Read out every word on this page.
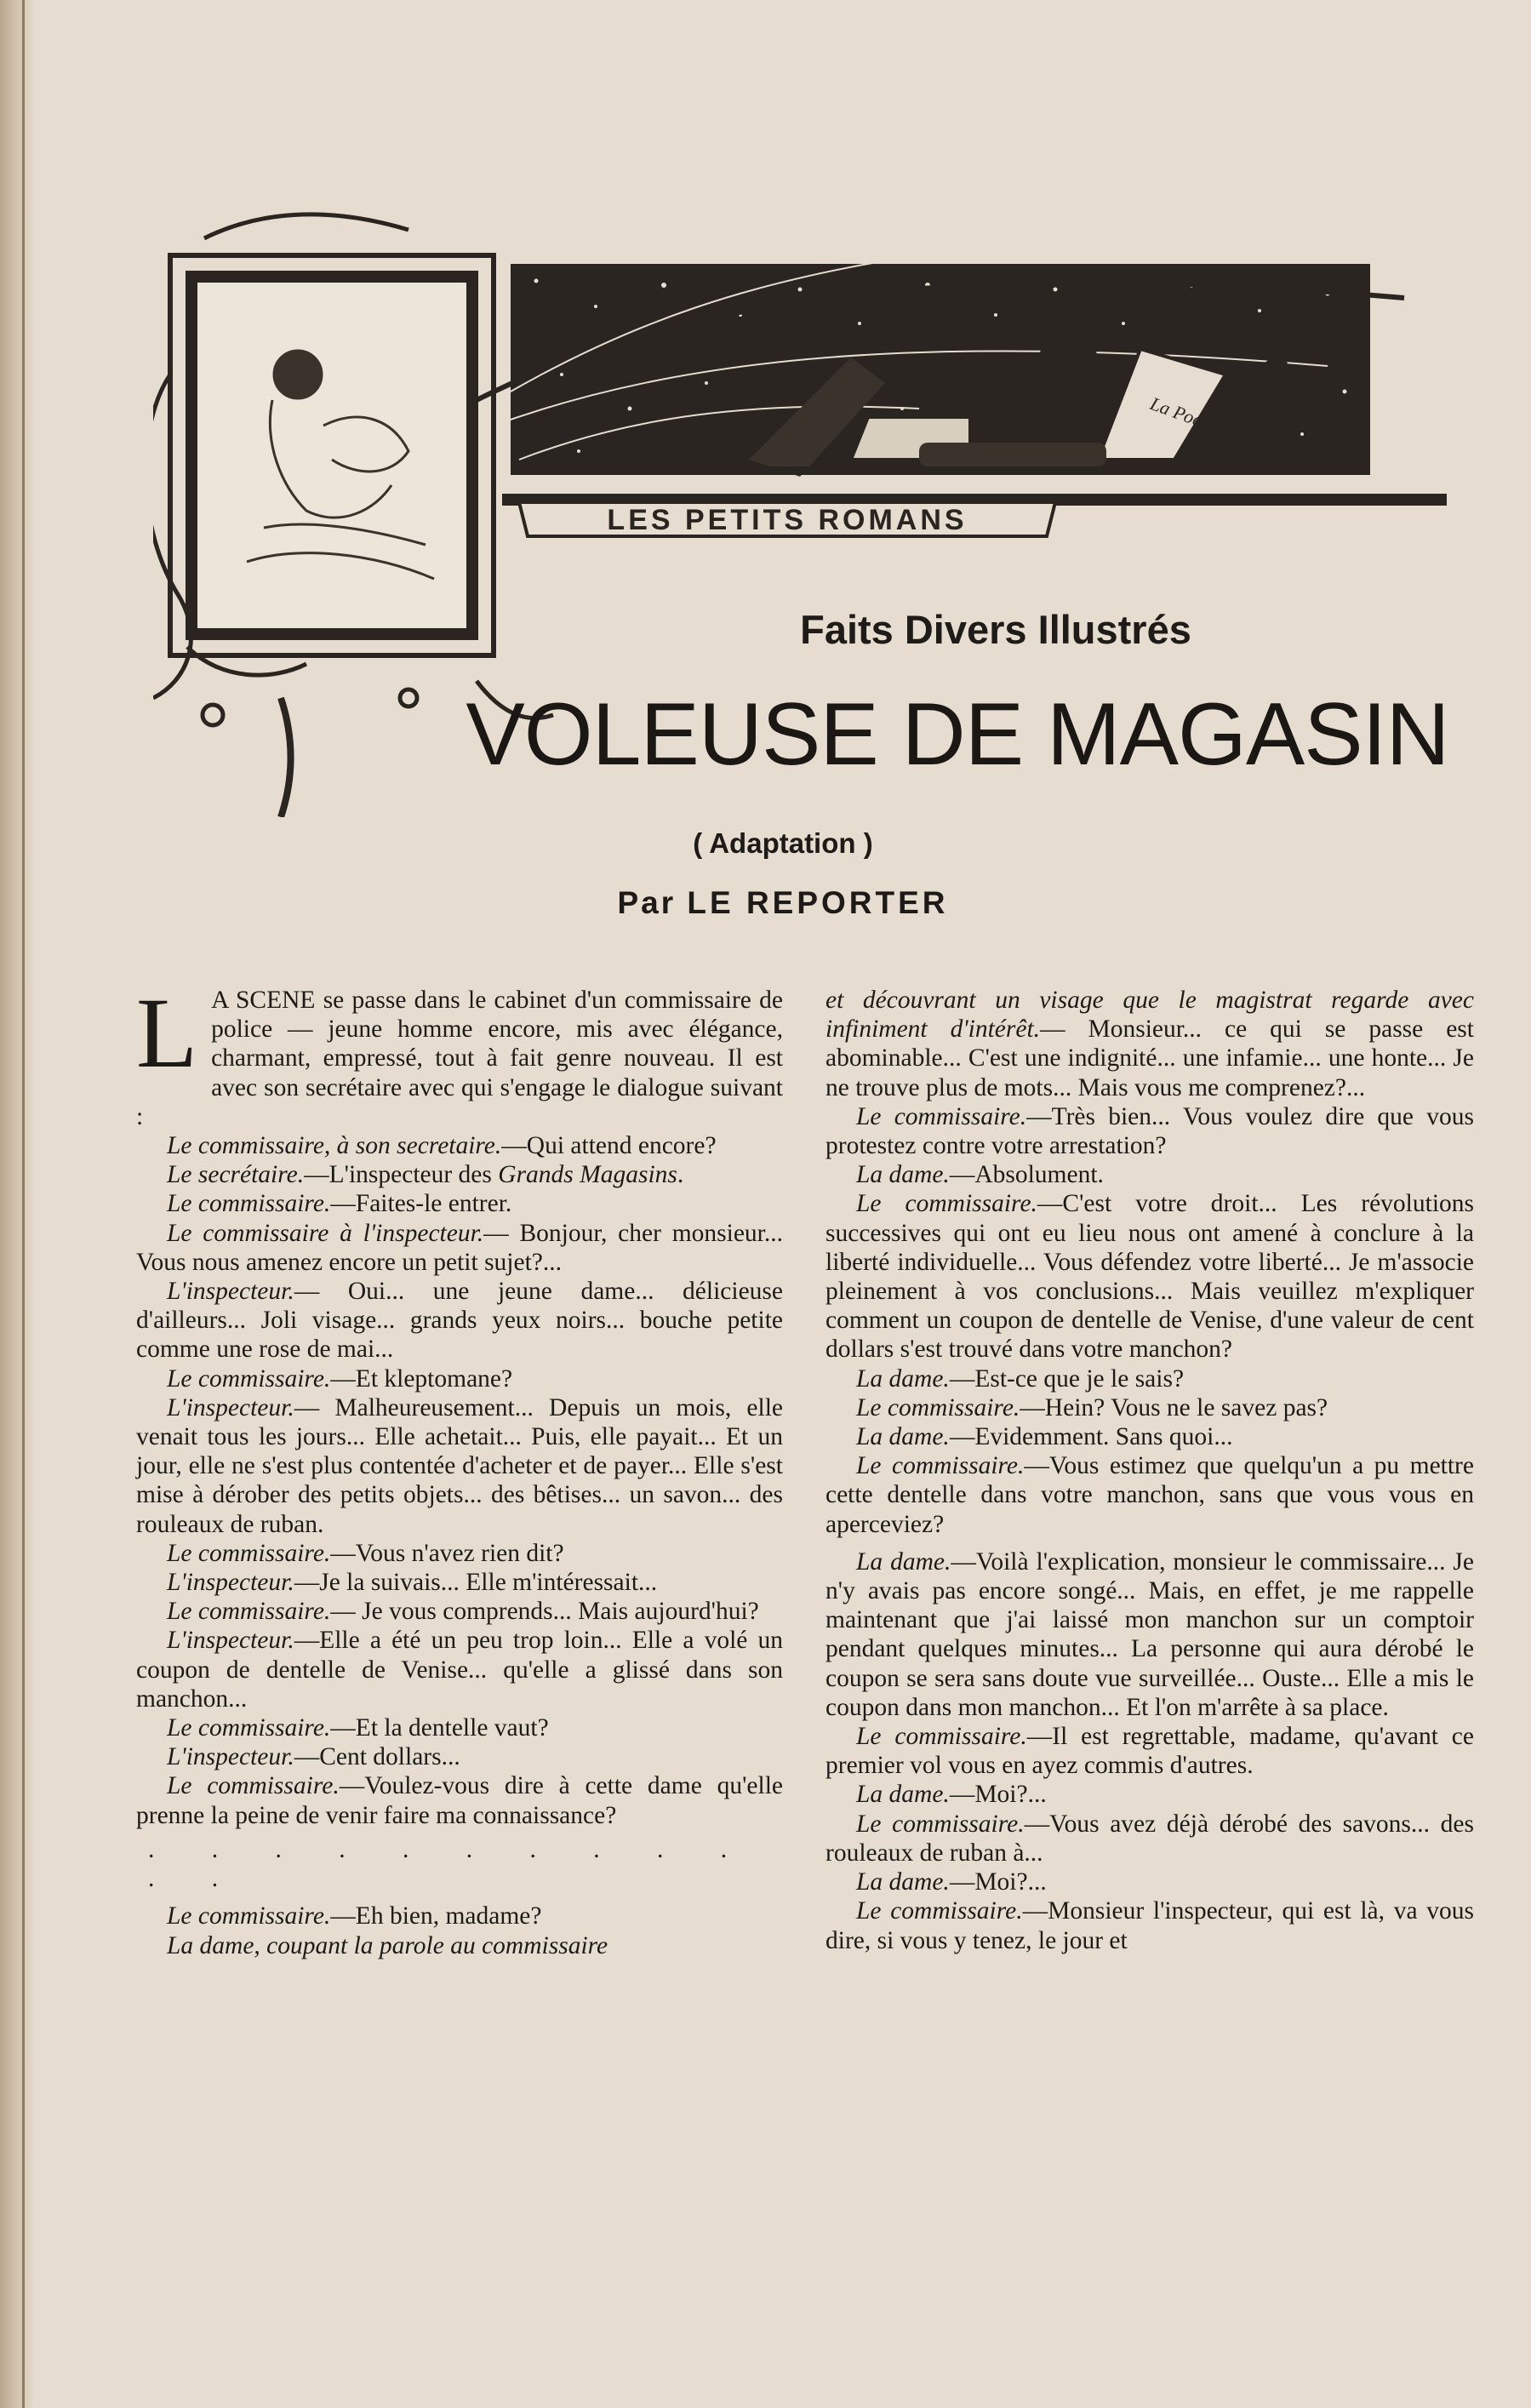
La Poésie
LES PETITS ROMANS
Faits Divers Illustrés
VOLEUSE DE MAGASIN

( Adaptation )

Par LE REPORTER

L A SCENE se passe dans le cabinet d'un commissaire de police — jeune homme encore, mis avec élégance, charmant, empressé, tout à fait genre nouveau. Il est avec son secrétaire avec qui s'engage le dialogue suivant :

Le commissaire, à son secretaire.—Qui attend encore?

Le secrétaire.—L'inspecteur des Grands Magasins.

Le commissaire.—Faites-le entrer.

Le commissaire à l'inspecteur.— Bonjour, cher monsieur... Vous nous amenez encore un petit sujet?...

L'inspecteur.— Oui... une jeune dame... délicieuse d'ailleurs... Joli visage... grands yeux noirs... bouche petite comme une rose de mai...

Le commissaire.—Et kleptomane?

L'inspecteur.— Malheureusement... Depuis un mois, elle venait tous les jours... Elle achetait... Puis, elle payait... Et un jour, elle ne s'est plus contentée d'acheter et de payer... Elle s'est mise à dérober des petits objets... des bêtises... un savon... des rouleaux de ruban.

Le commissaire.—Vous n'avez rien dit?

L'inspecteur.—Je la suivais... Elle m'intéressait...

Le commissaire.— Je vous comprends... Mais aujourd'hui?

L'inspecteur.—Elle a été un peu trop loin... Elle a volé un coupon de dentelle de Venise... qu'elle a glissé dans son manchon...

Le commissaire.—Et la dentelle vaut?

L'inspecteur.—Cent dollars...

Le commissaire.—Voulez-vous dire à cette dame qu'elle prenne la peine de venir faire ma connaissance?

. . . . . . . . . . . .

Le commissaire.—Eh bien, madame?

La dame, coupant la parole au commissaire

et découvrant un visage que le magistrat regarde avec infiniment d'intérêt.— Monsieur... ce qui se passe est abominable... C'est une indignité... une infamie... une honte... Je ne trouve plus de mots... Mais vous me comprenez?...

Le commissaire.—Très bien... Vous voulez dire que vous protestez contre votre arrestation?

La dame.—Absolument.

Le commissaire.—C'est votre droit... Les révolutions successives qui ont eu lieu nous ont amené à conclure à la liberté individuelle... Vous défendez votre liberté... Je m'associe pleinement à vos conclusions... Mais veuillez m'expliquer comment un coupon de dentelle de Venise, d'une valeur de cent dollars s'est trouvé dans votre manchon?

La dame.—Est-ce que je le sais?

Le commissaire.—Hein? Vous ne le savez pas?

La dame.—Evidemment. Sans quoi...

Le commissaire.—Vous estimez que quelqu'un a pu mettre cette dentelle dans votre manchon, sans que vous vous en aperceviez?

La dame.—Voilà l'explication, monsieur le commissaire... Je n'y avais pas encore songé... Mais, en effet, je me rappelle maintenant que j'ai laissé mon manchon sur un comptoir pendant quelques minutes... La personne qui aura dérobé le coupon se sera sans doute vue surveillée... Ouste... Elle a mis le coupon dans mon manchon... Et l'on m'arrête à sa place.

Le commissaire.—Il est regrettable, madame, qu'avant ce premier vol vous en ayez commis d'autres.

La dame.—Moi?...

Le commissaire.—Vous avez déjà dérobé des savons... des rouleaux de ruban à...

La dame.—Moi?...

Le commissaire.—Monsieur l'inspecteur, qui est là, va vous dire, si vous y tenez, le jour et
